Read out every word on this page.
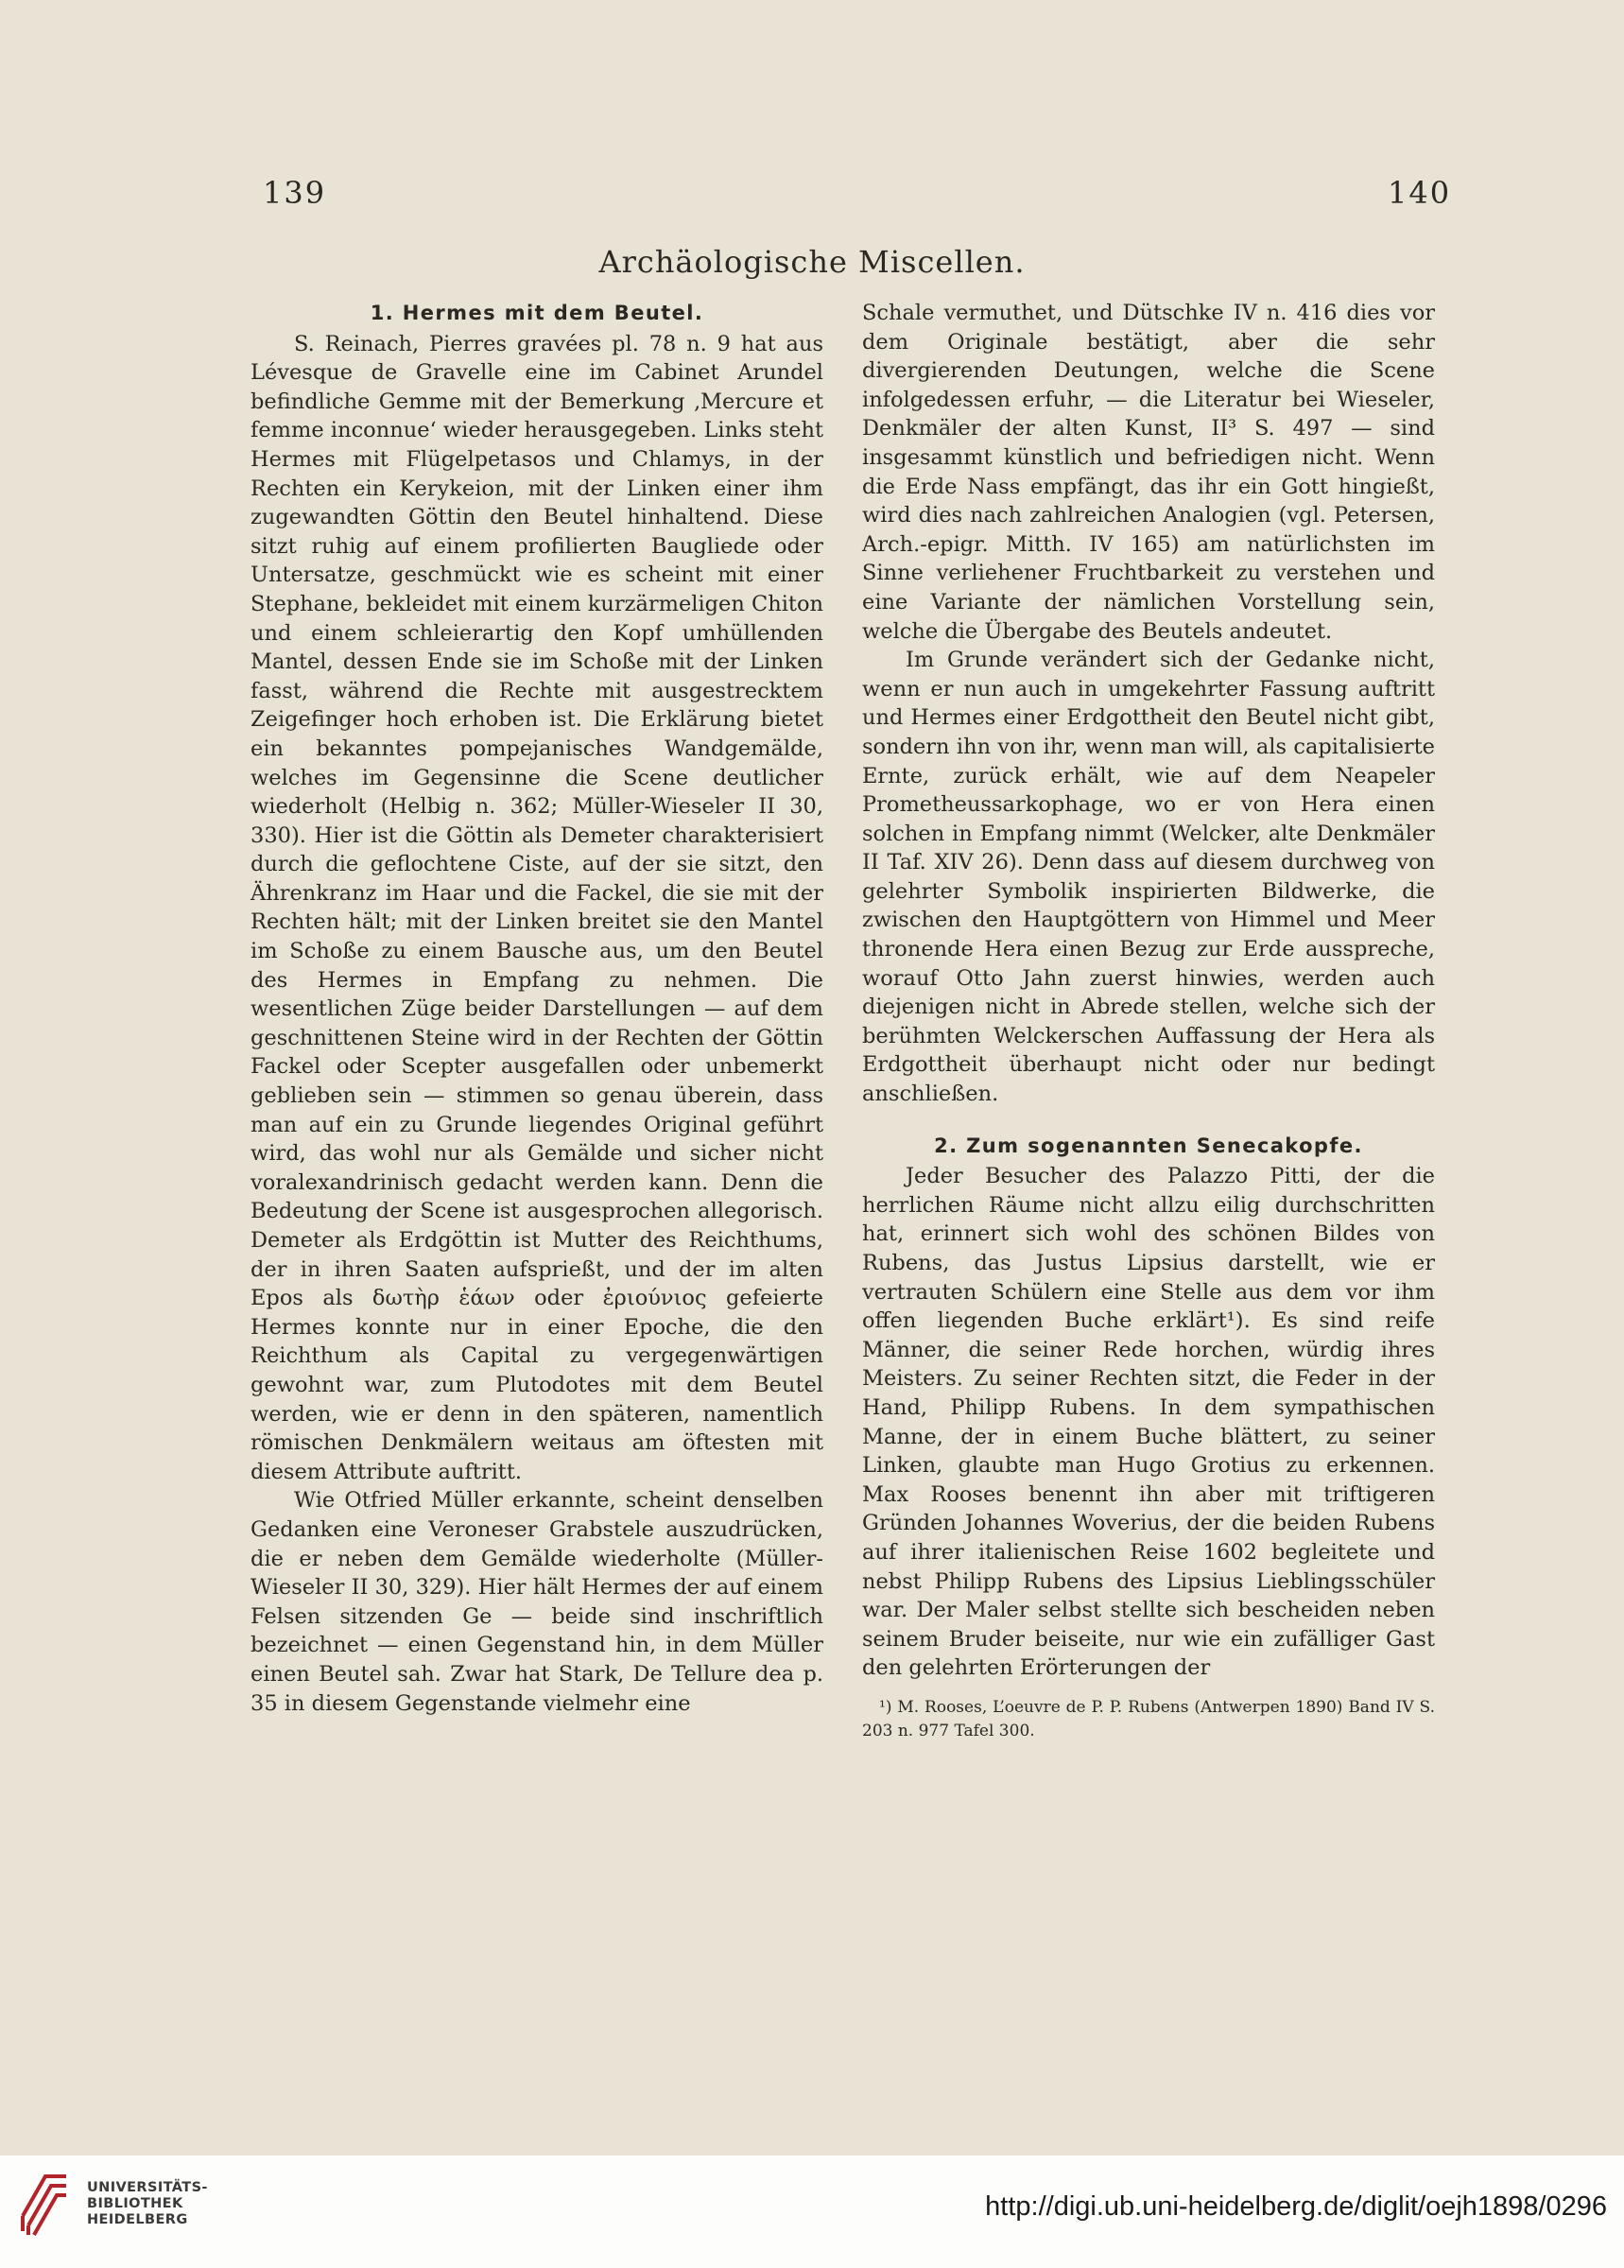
139	140
Archäologische Miscellen.
1. Hermes mit dem Beutel.

S. Reinach, Pierres gravées pl. 78 n. 9 hat aus Lévesque de Gravelle eine im Cabinet Arundel befindliche Gemme mit der Bemerkung ‚Mercure et femme inconnue‘ wieder herausgegeben. Links steht Hermes mit Flügelpetasos und Chlamys, in der Rechten ein Kerykeion, mit der Linken einer ihm zugewandten Göttin den Beutel hinhaltend. Diese sitzt ruhig auf einem profilierten Baugliede oder Untersatze, geschmückt wie es scheint mit einer Stephane, bekleidet mit einem kurzärmeligen Chiton und einem schleierartig den Kopf umhüllenden Mantel, dessen Ende sie im Schoße mit der Linken fasst, während die Rechte mit ausgestrecktem Zeigefinger hoch erhoben ist. Die Erklärung bietet ein bekanntes pompejanisches Wandgemälde, welches im Gegensinne die Scene deutlicher wiederholt (Helbig n. 362; Müller-Wieseler II 30, 330). Hier ist die Göttin als Demeter charakterisiert durch die geflochtene Ciste, auf der sie sitzt, den Ährenkranz im Haar und die Fackel, die sie mit der Rechten hält; mit der Linken breitet sie den Mantel im Schoße zu einem Bausche aus, um den Beutel des Hermes in Empfang zu nehmen. Die wesentlichen Züge beider Darstellungen — auf dem geschnittenen Steine wird in der Rechten der Göttin Fackel oder Scepter ausgefallen oder unbemerkt geblieben sein — stimmen so genau überein, dass man auf ein zu Grunde liegendes Original geführt wird, das wohl nur als Gemälde und sicher nicht voralexandrinisch gedacht werden kann. Denn die Bedeutung der Scene ist ausgesprochen allegorisch. Demeter als Erdgöttin ist Mutter des Reichthums, der in ihren Saaten aufsprießt, und der im alten Epos als δωτὴρ ἑάων oder ἐριούνιος gefeierte Hermes konnte nur in einer Epoche, die den Reichthum als Capital zu vergegenwärtigen gewohnt war, zum Plutodotes mit dem Beutel werden, wie er denn in den späteren, namentlich römischen Denkmälern weitaus am öftesten mit diesem Attribute auftritt.

Wie Otfried Müller erkannte, scheint denselben Gedanken eine Veroneser Grabstele auszudrücken, die er neben dem Gemälde wiederholte (Müller-Wieseler II 30, 329). Hier hält Hermes der auf einem Felsen sitzenden Ge — beide sind inschriftlich bezeichnet — einen Gegenstand hin, in dem Müller einen Beutel sah. Zwar hat Stark, De Tellure dea p. 35 in diesem Gegenstande vielmehr eine

Schale vermuthet, und Dütschke IV n. 416 dies vor dem Originale bestätigt, aber die sehr divergierenden Deutungen, welche die Scene infolgedessen erfuhr, — die Literatur bei Wieseler, Denkmäler der alten Kunst, II³ S. 497 — sind insgesammt künstlich und befriedigen nicht. Wenn die Erde Nass empfängt, das ihr ein Gott hingießt, wird dies nach zahlreichen Analogien (vgl. Petersen, Arch.-epigr. Mitth. IV 165) am natürlichsten im Sinne verliehener Fruchtbarkeit zu verstehen und eine Variante der nämlichen Vorstellung sein, welche die Übergabe des Beutels andeutet.

Im Grunde verändert sich der Gedanke nicht, wenn er nun auch in umgekehrter Fassung auftritt und Hermes einer Erdgottheit den Beutel nicht gibt, sondern ihn von ihr, wenn man will, als capitalisierte Ernte, zurück erhält, wie auf dem Neapeler Prometheussarkophage, wo er von Hera einen solchen in Empfang nimmt (Welcker, alte Denkmäler II Taf. XIV 26). Denn dass auf diesem durchweg von gelehrter Symbolik inspirierten Bildwerke, die zwischen den Hauptgöttern von Himmel und Meer thronende Hera einen Bezug zur Erde ausspreche, worauf Otto Jahn zuerst hinwies, werden auch diejenigen nicht in Abrede stellen, welche sich der berühmten Welckerschen Auffassung der Hera als Erdgottheit überhaupt nicht oder nur bedingt anschließen.

2. Zum sogenannten Senecakopfe.

Jeder Besucher des Palazzo Pitti, der die herrlichen Räume nicht allzu eilig durchschritten hat, erinnert sich wohl des schönen Bildes von Rubens, das Justus Lipsius darstellt, wie er vertrauten Schülern eine Stelle aus dem vor ihm offen liegenden Buche erklärt¹). Es sind reife Männer, die seiner Rede horchen, würdig ihres Meisters. Zu seiner Rechten sitzt, die Feder in der Hand, Philipp Rubens. In dem sympathischen Manne, der in einem Buche blättert, zu seiner Linken, glaubte man Hugo Grotius zu erkennen. Max Rooses benennt ihn aber mit triftigeren Gründen Johannes Woverius, der die beiden Rubens auf ihrer italienischen Reise 1602 begleitete und nebst Philipp Rubens des Lipsius Lieblingsschüler war. Der Maler selbst stellte sich bescheiden neben seinem Bruder beiseite, nur wie ein zufälliger Gast den gelehrten Erörterungen der

¹) M. Rooses, L’oeuvre de P. P. Rubens (Antwerpen 1890) Band IV S. 203 n. 977 Tafel 300.
UNIVERSITÄTS-
BIBLIOTHEK
HEIDELBERG	http://digi.ub.uni-heidelberg.de/diglit/oejh1898/0296
